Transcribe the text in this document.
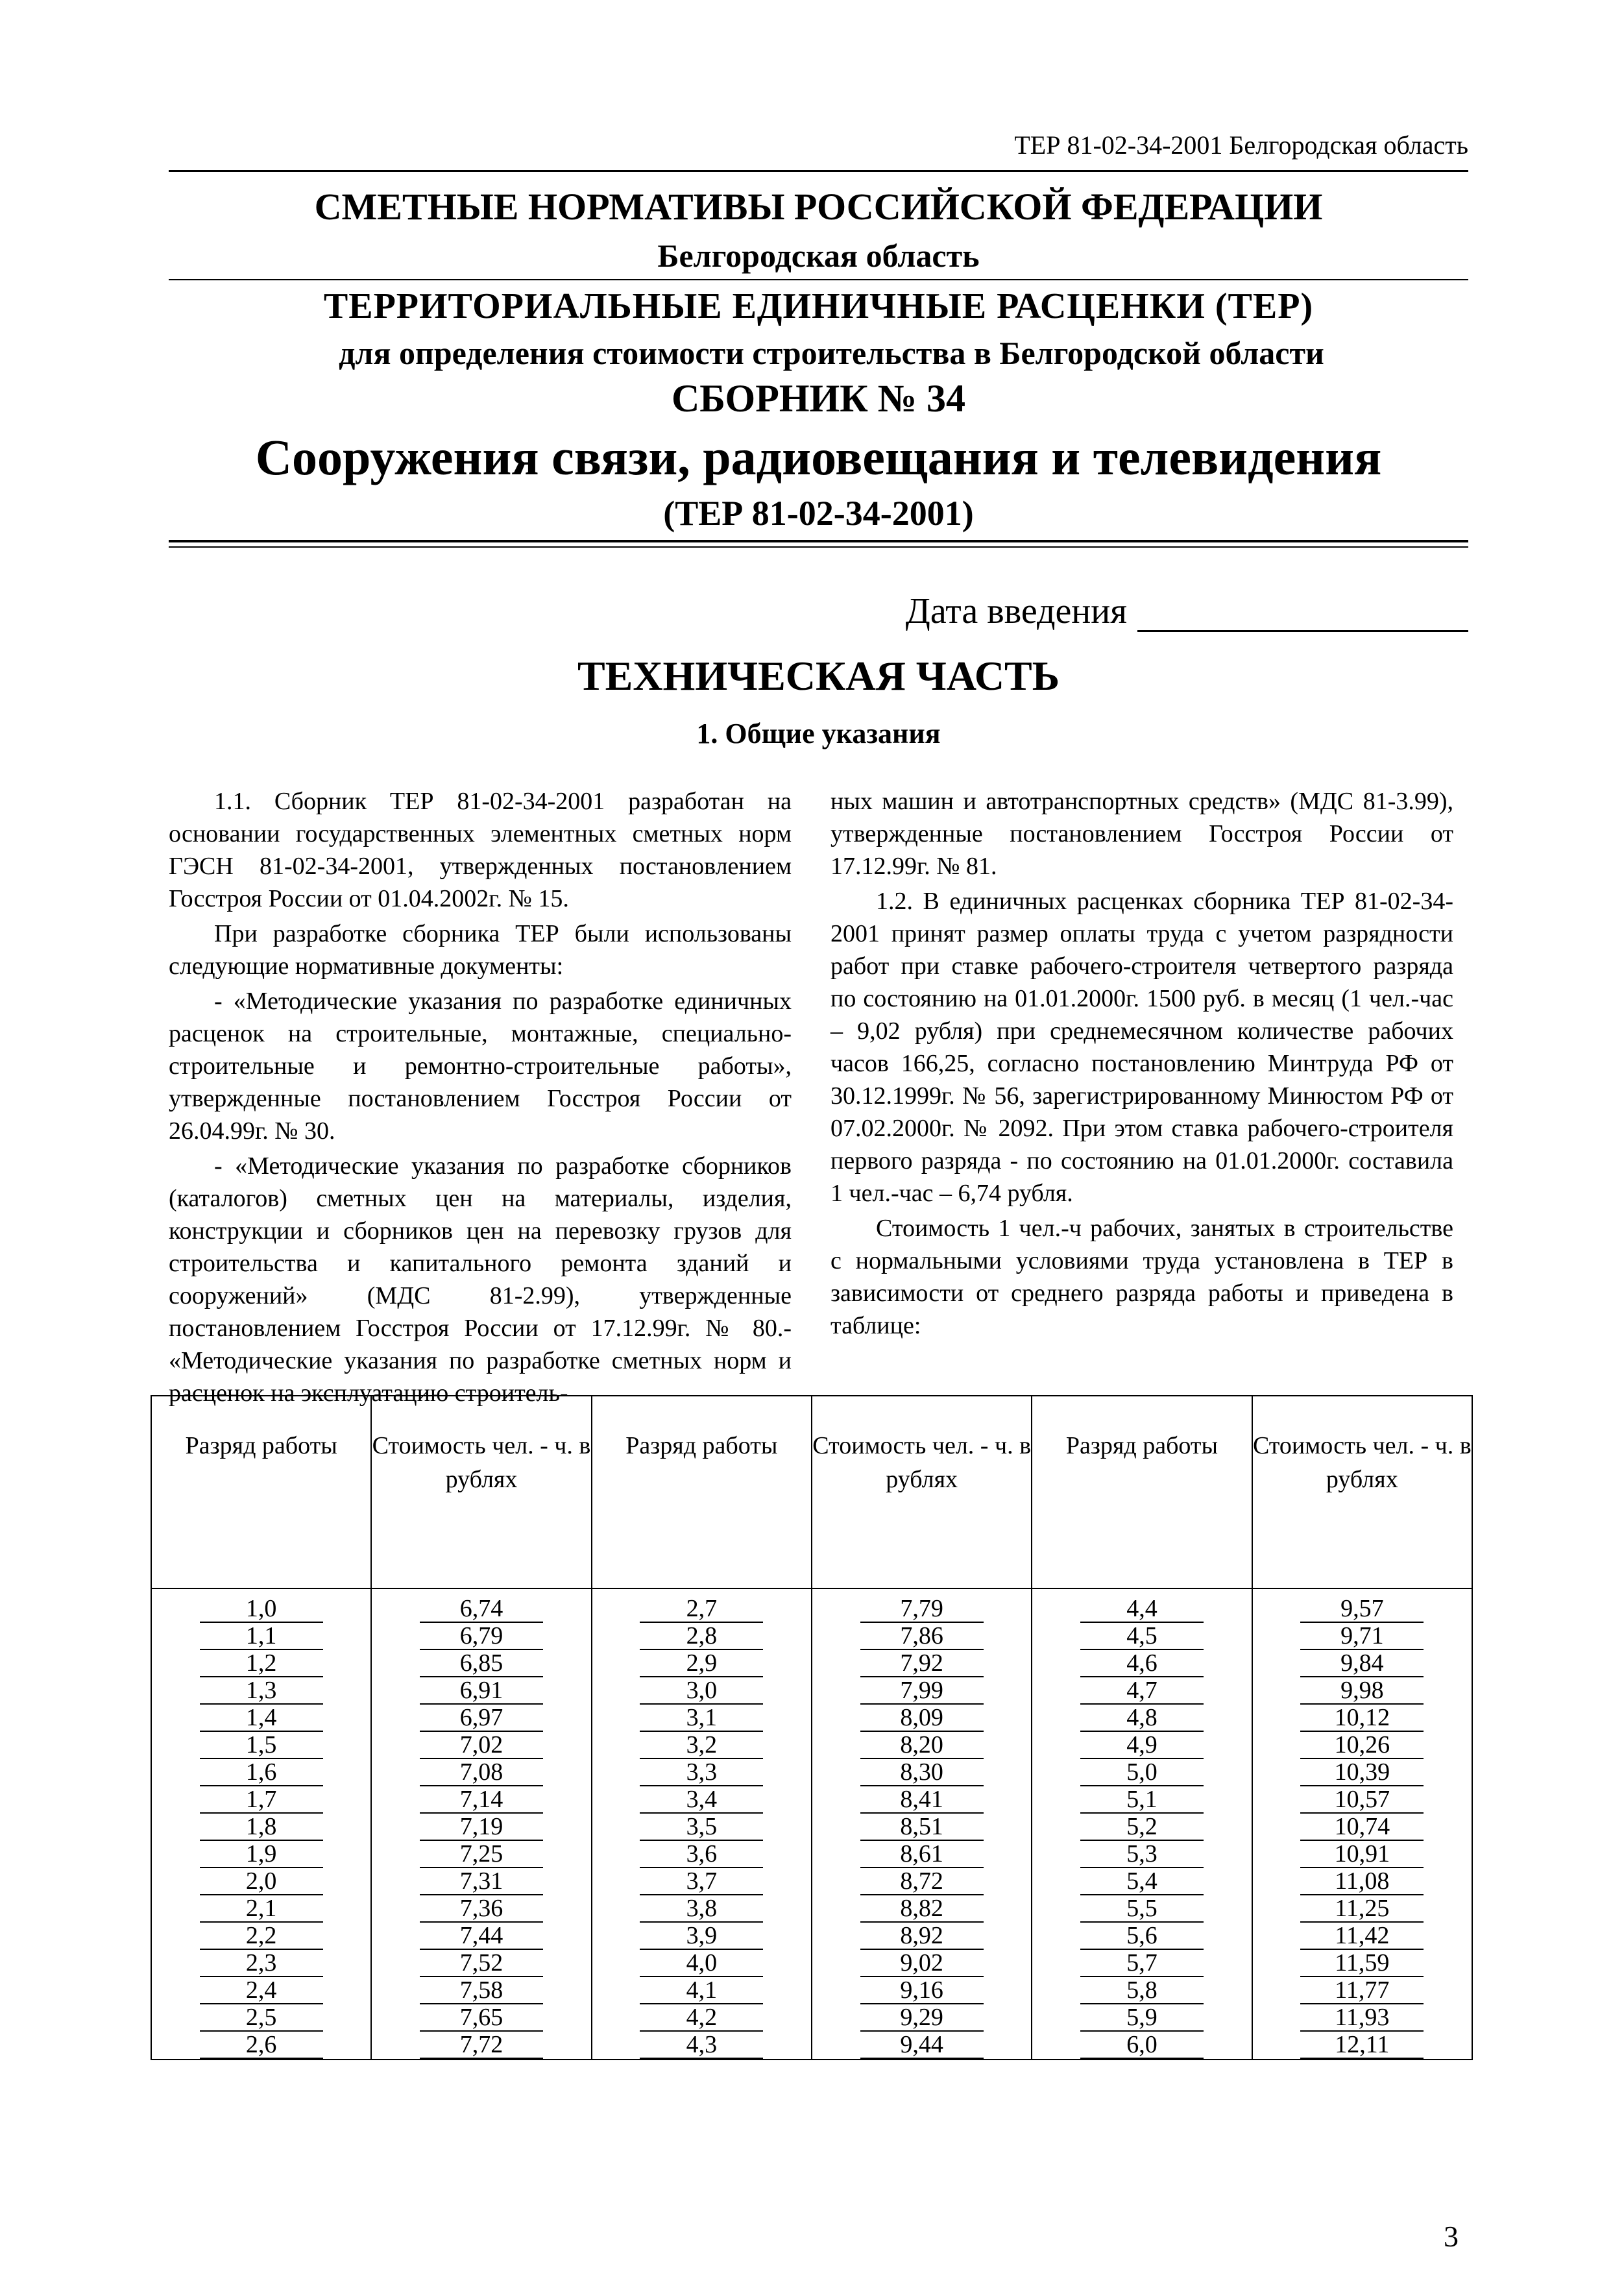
ТЕР 81-02-34-2001 Белгородская область
СМЕТНЫЕ НОРМАТИВЫ РОССИЙСКОЙ ФЕДЕРАЦИИ
Белгородская область
ТЕРРИТОРИАЛЬНЫЕ ЕДИНИЧНЫЕ РАСЦЕНКИ (ТЕР)
для определения стоимости строительства в Белгородской области
СБОРНИК № 34
Сооружения связи, радиовещания и телевидения
(ТЕР 81-02-34-2001)
Дата введения
ТЕХНИЧЕСКАЯ ЧАСТЬ
1. Общие указания

1.1. Сборник ТЕР 81-02-34-2001 разработан на основании государственных элементных сметных норм ГЭСН 81-02-34-2001, утвержденных постановлением Госстроя России от 01.04.2002г. № 15.

При разработке сборника ТЕР были использованы следующие нормативные документы:

- «Методические указания по разработке единичных расценок на строительные, монтажные, специально-строительные и ремонтно-строительные работы», утвержденные постановлением Госстроя России от 26.04.99г. № 30.

- «Методические указания по разработке сборников (каталогов) сметных цен на материалы, изделия, конструкции и сборников цен на перевозку грузов для строительства и капитального ремонта зданий и сооружений» (МДС 81-2.99), утвержденные постановлением Госстроя России от 17.12.99г. № 80.- «Методические указания по разработке сметных норм и расценок на эксплуатацию строитель-

ных машин и автотранспортных средств» (МДС 81-3.99), утвержденные постановлением Госстроя России от 17.12.99г. № 81.

1.2. В единичных расценках сборника ТЕР 81-02-34-2001 принят размер оплаты труда с учетом разрядности работ при ставке рабочего-строителя четвертого разряда по состоянию на 01.01.2000г. 1500 руб. в месяц (1 чел.-час – 9,02 рубля) при среднемесячном количестве рабочих часов 166,25, согласно постановлению Минтруда РФ от 30.12.1999г. № 56, зарегистрированному Минюстом РФ от 07.02.2000г. № 2092. При этом ставка рабочего-строителя первого разряда - по состоянию на 01.01.2000г. составила 1 чел.-час – 6,74 рубля.

Стоимость 1 чел.-ч рабочих, занятых в строительстве с нормальными условиями труда установлена в ТЕР в зависимости от среднего разряда работы и приведена в таблице:

Разряд работы	Стоимость чел. - ч. в рублях	Разряд работы	Стоимость чел. - ч. в рублях	Разряд работы	Стоимость чел. - ч. в рублях
1,0	6,74	2,7	7,79	4,4	9,57
1,1	6,79	2,8	7,86	4,5	9,71
1,2	6,85	2,9	7,92	4,6	9,84
1,3	6,91	3,0	7,99	4,7	9,98
1,4	6,97	3,1	8,09	4,8	10,12
1,5	7,02	3,2	8,20	4,9	10,26
1,6	7,08	3,3	8,30	5,0	10,39
1,7	7,14	3,4	8,41	5,1	10,57
1,8	7,19	3,5	8,51	5,2	10,74
1,9	7,25	3,6	8,61	5,3	10,91
2,0	7,31	3,7	8,72	5,4	11,08
2,1	7,36	3,8	8,82	5,5	11,25
2,2	7,44	3,9	8,92	5,6	11,42
2,3	7,52	4,0	9,02	5,7	11,59
2,4	7,58	4,1	9,16	5,8	11,77
2,5	7,65	4,2	9,29	5,9	11,93
2,6	7,72	4,3	9,44	6,0	12,11
3
